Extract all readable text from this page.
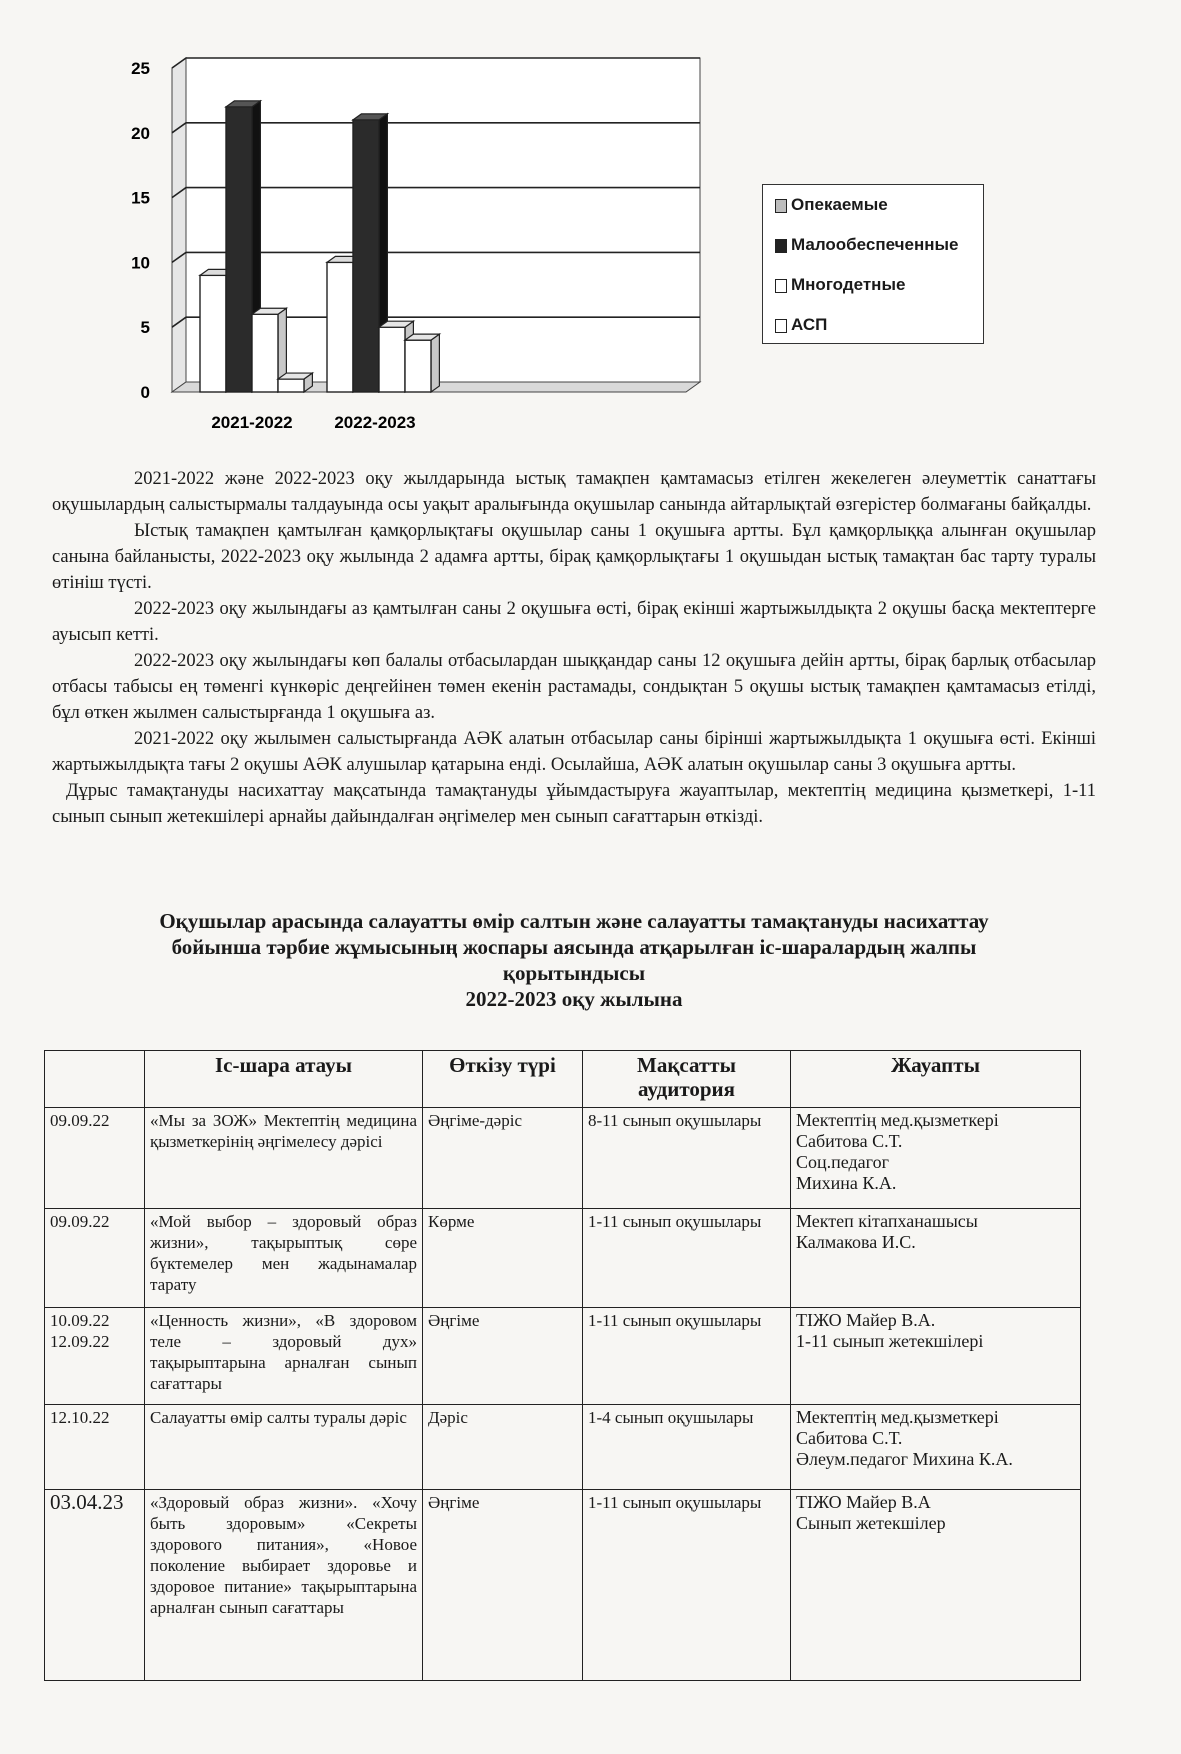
0
5
10
15
20
25
2021-2022 2022-2023
Опекаемые
Малообеспеченные
Многодетные
АСП

2021-2022 және 2022-2023 оқу жылдарында ыстық тамақпен қамтамасыз етілген жекелеген әлеуметтік санаттағы оқушылардың салыстырмалы талдауында осы уақыт аралығында оқушылар санында айтарлықтай өзгерістер болмағаны байқалды.

Ыстық тамақпен қамтылған қамқорлықтағы оқушылар саны 1 оқушыға артты. Бұл қамқорлыққа алынған оқушылар санына байланысты, 2022-2023 оқу жылында 2 адамға артты, бірақ қамқорлықтағы 1 оқушыдан ыстық тамақтан бас тарту туралы өтініш түсті.

2022-2023 оқу жылындағы аз қамтылған саны 2 оқушыға өсті, бірақ екінші жартыжылдықта 2 оқушы басқа мектептерге ауысып кетті.

2022-2023 оқу жылындағы көп балалы отбасылардан шыққандар саны 12 оқушыға дейін артты, бірақ барлық отбасылар отбасы табысы ең төменгі күнкөріс деңгейінен төмен екенін растамады, сондықтан 5 оқушы ыстық тамақпен қамтамасыз етілді, бұл өткен жылмен салыстырғанда 1 оқушыға аз.

2021-2022 оқу жылымен салыстырғанда АӘК алатын отбасылар саны бірінші жартыжылдықта 1 оқушыға өсті. Екінші жартыжылдықта тағы 2 оқушы АӘК алушылар қатарына енді. Осылайша, АӘК алатын оқушылар саны 3 оқушыға артты.

Дұрыс тамақтануды насихаттау мақсатында тамақтануды ұйымдастыруға жауаптылар, мектептің медицина қызметкері, 1-11 сынып сынып жетекшілері арнайы дайындалған әңгімелер мен сынып сағаттарын өткізді.

Оқушылар арасында салауатты өмір салтын және салауатты тамақтануды насихаттау
бойынша тәрбие жұмысының жоспары аясында атқарылған іс-шаралардың жалпы
қорытындысы
2022-2023 оқу жылына
	Іс-шара атауы	Өткізу түрі	Мақсатты аудитория	Жауапты

09.09.22	«Мы за ЗОЖ» Мектептің медицина қызметкерінің әңгімелесу дәрісі	Әңгіме-дәріс	8-11 сынып оқушылары	Мектептің мед.қызметкері
Сабитова С.Т.
Соц.педагог
Михина К.А.

09.09.22	«Мой выбор – здоровый образ жизни», тақырыптық сөре бүктемелер мен жадынамалар тарату	Көрме	1-11 сынып оқушылары	Мектеп кітапханашысы
Калмакова И.С.

10.09.22
12.09.22	«Ценность жизни», «В здоровом теле – здоровый дух» тақырыптарына арналған сынып сағаттары	Әңгіме	1-11 сынып оқушылары	ТІЖО Майер В.А.
1-11 сынып жетекшілері

12.10.22	Салауатты өмір салты туралы дәріс	Дәріс	1-4 сынып оқушылары	Мектептің мед.қызметкері
Сабитова С.Т.
Әлеум.педагог Михина К.А.

03.04.23	«Здоровый образ жизни». «Хочу быть здоровым» «Секреты здорового питания», «Новое поколение выбирает здоровье и здоровое питание» тақырыптарына арналған сынып сағаттары	Әңгіме	1-11 сынып оқушылары	ТІЖО Майер В.А
Сынып жетекшілер
